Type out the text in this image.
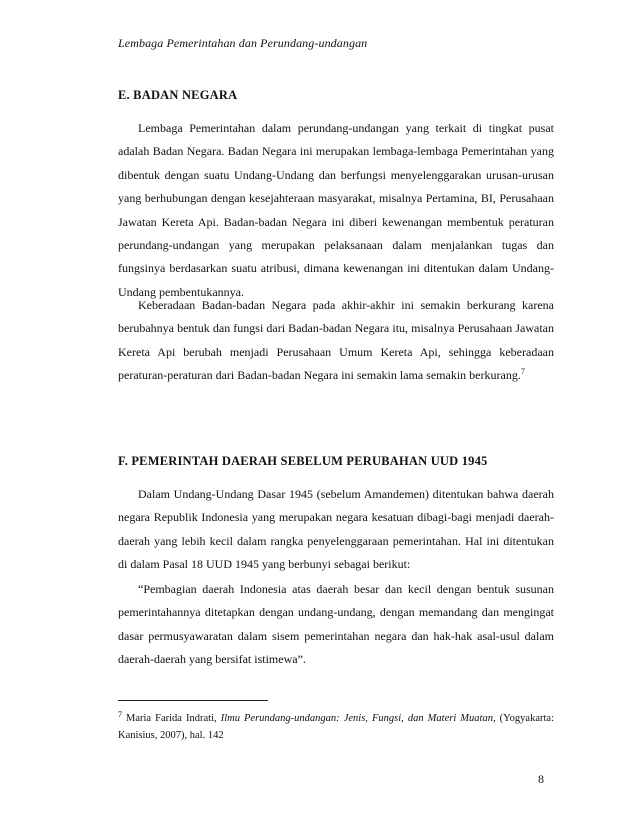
Lembaga Pemerintahan dan Perundang-undangan
E. BADAN NEGARA

Lembaga Pemerintahan dalam perundang-undangan yang terkait di tingkat pusat adalah Badan Negara. Badan Negara ini merupakan lembaga-lembaga Pemerintahan yang dibentuk dengan suatu Undang-Undang dan berfungsi menyelenggarakan urusan-urusan yang berhubungan dengan kesejahteraan masyarakat, misalnya Pertamina, BI, Perusahaan Jawatan Kereta Api. Badan-badan Negara ini diberi kewenangan membentuk peraturan perundang-undangan yang merupakan pelaksanaan dalam menjalankan tugas dan fungsinya berdasarkan suatu atribusi, dimana kewenangan ini ditentukan dalam Undang-Undang pembentukannya.

Keberadaan Badan-badan Negara pada akhir-akhir ini semakin berkurang karena berubahnya bentuk dan fungsi dari Badan-badan Negara itu, misalnya Perusahaan Jawatan Kereta Api berubah menjadi Perusahaan Umum Kereta Api, sehingga keberadaan peraturan-peraturan dari Badan-badan Negara ini semakin lama semakin berkurang.$^7$

F. PEMERINTAH DAERAH SEBELUM PERUBAHAN UUD 1945

Dalam Undang-Undang Dasar 1945 (sebelum Amandemen) ditentukan bahwa daerah negara Republik Indonesia yang merupakan negara kesatuan dibagi-bagi menjadi daerah-daerah yang lebih kecil dalam rangka penyelenggaraan pemerintahan. Hal ini ditentukan di dalam Pasal 18 UUD 1945 yang berbunyi sebagai berikut:

“Pembagian daerah Indonesia atas daerah besar dan kecil dengan bentuk susunan pemerintahannya ditetapkan dengan undang-undang, dengan memandang dan mengingat dasar permusyawaratan dalam sisem pemerintahan negara dan hak-hak asal-usul dalam daerah-daerah yang bersifat istimewa”.

$^7$ Maria Farida Indrati, Ilmu Perundang-undangan: Jenis, Fungsi, dan Materi Muatan, (Yogyakarta: Kanisius, 2007), hal. 142

8
